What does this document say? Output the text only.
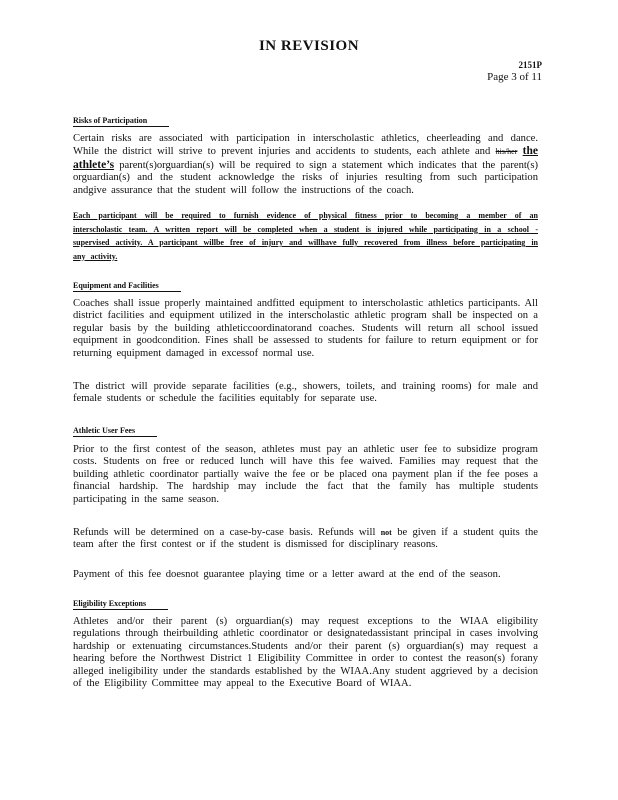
IN REVISION
2151P
Page 3 of 11
Risks of Participation
Certain risks are associated with participation in interscholastic athletics, cheerleading and dance. While the district will strive to prevent injuries and accidents to students, each athlete and his/her the athlete’s parent(s)orguardian(s) will be required to sign a statement which indicates that the parent(s) orguardian(s) and the student acknowledge the risks of injuries resulting from such participation andgive assurance that the student will follow the instructions of the coach.
Each participant will be required to furnish evidence of physical fitness prior to becoming a member of an interscholastic team. A written report will be completed when a student is injured while participating in a school -supervised activity. A participant willbe free of injury and willhave fully recovered from illness before participating in any activity.
Equipment and Facilities
Coaches shall issue properly maintained andfitted equipment to interscholastic athletics participants. All district facilities and equipment utilized in the interscholastic athletic program shall be inspected on a regular basis by the building athleticcoordinatorand coaches. Students will return all school issued equipment in goodcondition. Fines shall be assessed to students for failure to return equipment or for returning equipment damaged in excessof normal use.
The district will provide separate facilities (e.g., showers, toilets, and training rooms) for male and female students or schedule the facilities equitably for separate use.
Athletic User Fees
Prior to the first contest of the season, athletes must pay an athletic user fee to subsidize program costs. Students on free or reduced lunch will have this fee waived. Families may request that the building athletic coordinator partially waive the fee or be placed ona payment plan if the fee poses a financial hardship. The hardship may include the fact that the family has multiple students participating in the same season.
Refunds will be determined on a case-by-case basis. Refunds will not be given if a student quits the team after the first contest or if the student is dismissed for disciplinary reasons.
Payment of this fee doesnot guarantee playing time or a letter award at the end of the season.
Eligibility Exceptions
Athletes and/or their parent (s) orguardian(s) may request exceptions to the WIAA eligibility regulations through theirbuilding athletic coordinator or designatedassistant principal in cases involving hardship or extenuating circumstances.Students and/or their parent (s) orguardian(s) may request a hearing before the Northwest District 1 Eligibility Committee in order to contest the reason(s) forany alleged ineligibility under the standards established by the WIAA.Any student aggrieved by a decision of the Eligibility Committee may appeal to the Executive Board of WIAA.
